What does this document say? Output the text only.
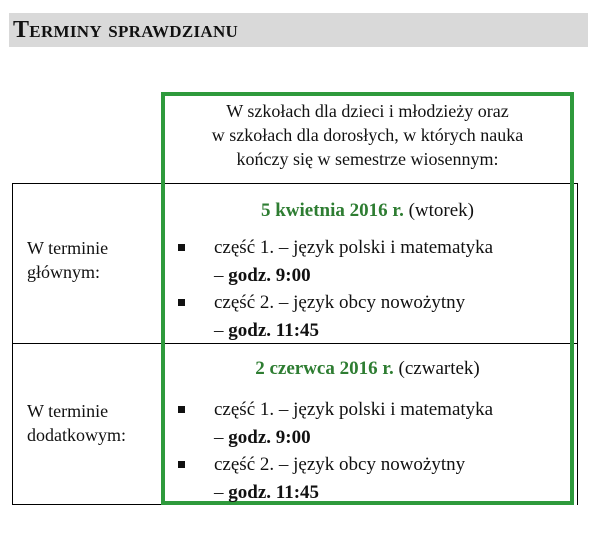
Terminy sprawdzianu
W terminie
głównym:
W terminie
dodatkowym:
W szkołach dla dzieci i młodzieży oraz
w szkołach dla dorosłych, w których nauka
kończy się w semestrze wiosennym:
5 kwietnia 2016 r. (wtorek)
część 1. – język polski i matematyka
– godz. 9:00
część 2. – język obcy nowożytny
– godz. 11:45
2 czerwca 2016 r. (czwartek)
część 1. – język polski i matematyka
– godz. 9:00
część 2. – język obcy nowożytny
– godz. 11:45
